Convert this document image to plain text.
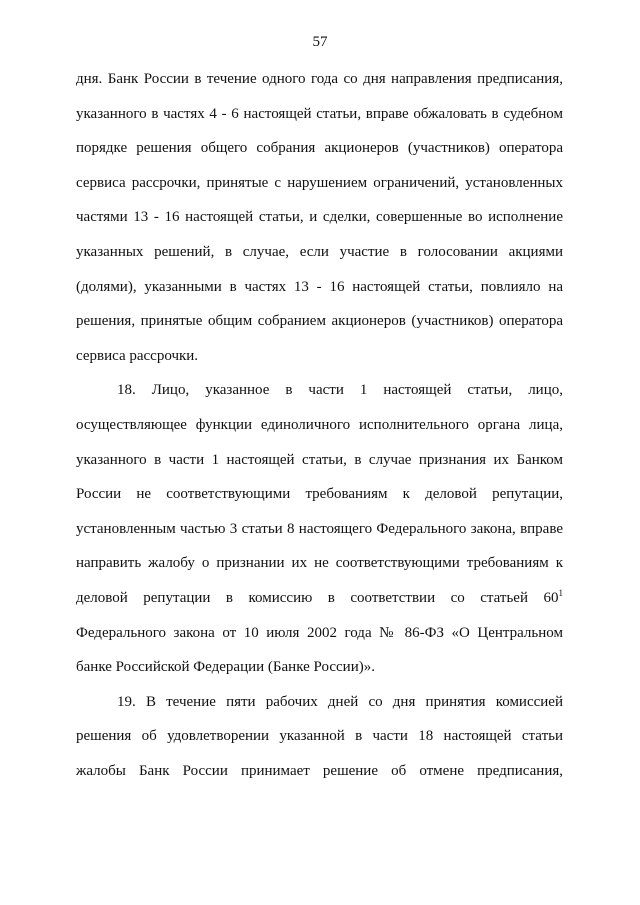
57
дня. Банк России в течение одного года со дня направления предписания,
указанного в частях 4 - 6 настоящей статьи, вправе обжаловать в судебном
порядке решения общего собрания акционеров (участников) оператора
сервиса рассрочки, принятые с нарушением ограничений, установленных
частями 13 - 16 настоящей статьи, и сделки, совершенные во исполнение
указанных решений, в случае, если участие в голосовании акциями
(долями), указанными в частях 13 - 16 настоящей статьи, повлияло на
решения, принятые общим собранием акционеров (участников) оператора
сервиса рассрочки.
18. Лицо, указанное в части 1 настоящей статьи, лицо,
осуществляющее функции единоличного исполнительного органа лица,
указанного в части 1 настоящей статьи, в случае признания их Банком
России не соответствующими требованиям к деловой репутации,
установленным частью 3 статьи 8 настоящего Федерального закона, вправе
направить жалобу о признании их не соответствующими требованиям к
деловой репутации в комиссию в соответствии со статьей 60$^1$
Федерального закона от 10 июля 2002 года № 86-ФЗ «О Центральном
банке Российской Федерации (Банке России)».
19. В течение пяти рабочих дней со дня принятия комиссией
решения об удовлетворении указанной в части 18 настоящей статьи
жалобы Банк России принимает решение об отмене предписания,
